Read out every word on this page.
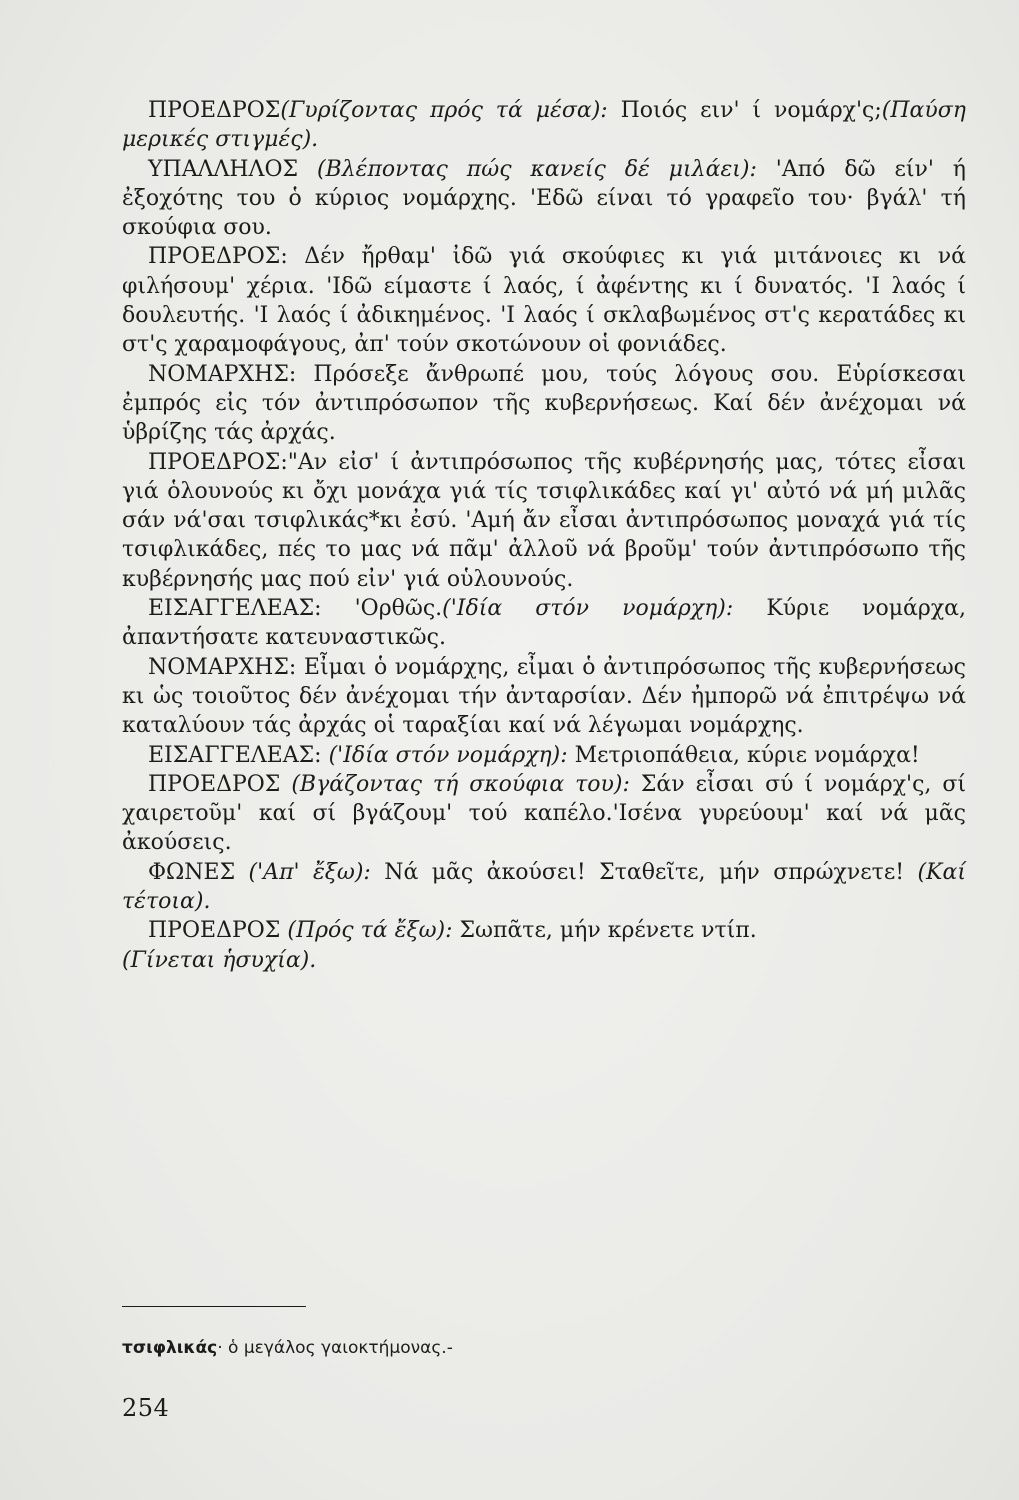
ΠΡΟΕΔΡΟΣ(Γυρίζοντας πρός τά μέσα): Ποιός ειν' ί νομάρχ'ς;(Παύση μερικές στιγμές).

ΥΠΑΛΛΗΛΟΣ (Βλέποντας πώς κανείς δέ μιλάει): 'Από δῶ είν' ή ἐξοχότης του ὁ κύριος νομάρχης. 'Εδῶ είναι τό γραφεῖο του· βγάλ' τή σκούφια σου.

ΠΡΟΕΔΡΟΣ: Δέν ἤρθαμ' ἰδῶ γιά σκούφιες κι γιά μιτάνοιες κι νά φιλήσουμ' χέρια. 'Ιδῶ είμαστε ί λαός, ί ἀφέντης κι ί δυνατός. 'Ι λαός ί δουλευτής. 'Ι λαός ί ἀδικημένος. 'Ι λαός ί σκλαβωμένος στ'ς κερατάδες κι στ'ς χαραμοφάγους, ἀπ' τούν σκοτώνουν οἱ φονιάδες.

ΝΟΜΑΡΧΗΣ: Πρόσεξε ἄνθρωπέ μου, τούς λόγους σου. Εὑρίσκεσαι ἐμπρός εἰς τόν ἀντιπρόσωπον τῆς κυβερνήσεως. Καί δέν ἀνέχομαι νά ὑβρίζης τάς ἀρχάς.

ΠΡΟΕΔΡΟΣ:"Αν εἰσ' ί ἀντιπρόσωπος τῆς κυβέρνησής μας, τότες εἶσαι γιά ὁλουνούς κι ὄχι μονάχα γιά τίς τσιφλικάδες καί γι' αὐτό νά μή μιλᾶς σάν νά'σαι τσιφλικάς*κι ἐσύ. 'Αμή ἄν εἶσαι ἀντιπρόσωπος μοναχά γιά τίς τσιφλικάδες, πές το μας νά πᾶμ' ἀλλοῦ νά βροῦμ' τούν ἀντιπρόσωπο τῆς κυβέρνησής μας πού εἰν' γιά οὑλουνούς.

ΕΙΣΑΓΓΕΛΕΑΣ: 'Ορθῶς.('Ιδία στόν νομάρχη): Κύριε νομάρχα, ἀπαντήσατε κατευναστικῶς.

ΝΟΜΑΡΧΗΣ: Εἶμαι ὁ νομάρχης, εἶμαι ὁ ἀντιπρόσωπος τῆς κυβερνήσεως κι ὡς τοιοῦτος δέν ἀνέχομαι τήν ἀνταρσίαν. Δέν ἠμπορῶ νά ἐπιτρέψω νά καταλύουν τάς ἀρχάς οἱ ταραξίαι καί νά λέγωμαι νομάρχης.

ΕΙΣΑΓΓΕΛΕΑΣ: ('Ιδία στόν νομάρχη): Μετριοπάθεια, κύριε νομάρχα!

ΠΡΟΕΔΡΟΣ (Βγάζοντας τή σκούφια του): Σάν εἶσαι σύ ί νομάρχ'ς, σί χαιρετοῦμ' καί σί βγάζουμ' τού καπέλο.'Ισένα γυρεύουμ' καί νά μᾶς ἀκούσεις.

ΦΩΝΕΣ ('Απ' ἔξω): Νά μᾶς ἀκούσει! Σταθεῖτε, μήν σπρώχνετε! (Καί τέτοια).

ΠΡΟΕΔΡΟΣ (Πρός τά ἔξω): Σωπᾶτε, μήν κρένετε ντίπ.

(Γίνεται ἡσυχία).

τσιφλικάς· ὁ μεγάλος γαιοκτήμονας.-
254
